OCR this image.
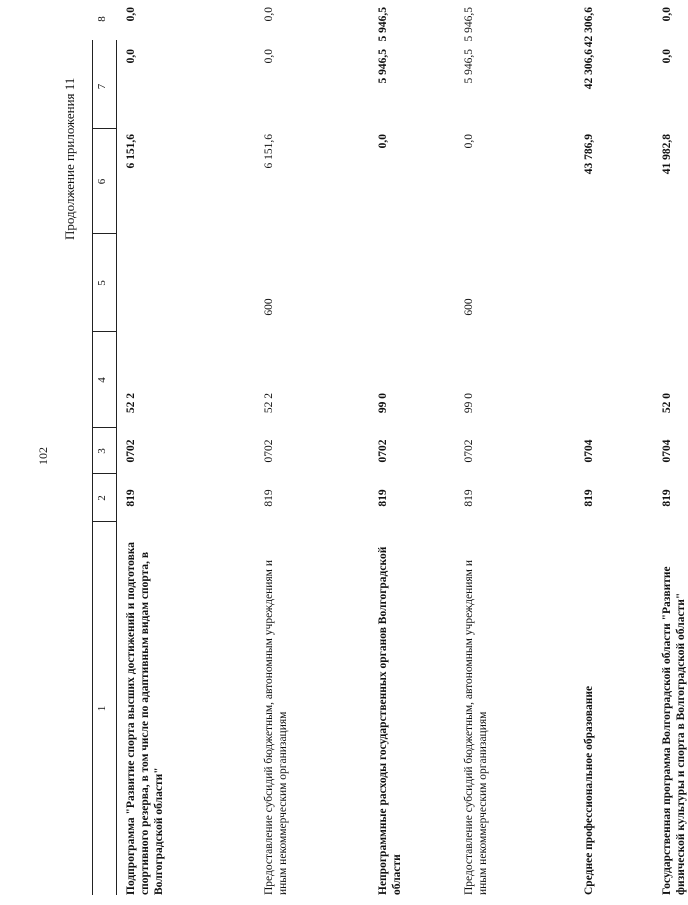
102
Продолжение приложения 11
1
2
3
4
5
6
7
8
Подпрограмма "Развитие спорта высших достижений и подготовка спортивного резерва, в том числе по адаптивным видам спорта, в Волгоградской области"
819
0702
52 2
6 151,6
0,0
0,0
Предоставление субсидий бюджетным, автономным учреждениям и иным некоммерческим организациям
819
0702
52 2
600
6 151,6
0,0
0,0
Непрограммные расходы государственных органов Волгоградской области
819
0702
99 0
0,0
5 946,5
5 946,5
Предоставление субсидий бюджетным, автономным учреждениям и иным некоммерческим организациям
819
0702
99 0
600
0,0
5 946,5
5 946,5
Среднее профессиональное образование
819
0704
43 786,9
42 306,6
42 306,6
Государственная программа Волгоградской области "Развитие физической культуры и спорта в Волгоградской области"
819
0704
52 0
41 982,8
0,0
0,0
